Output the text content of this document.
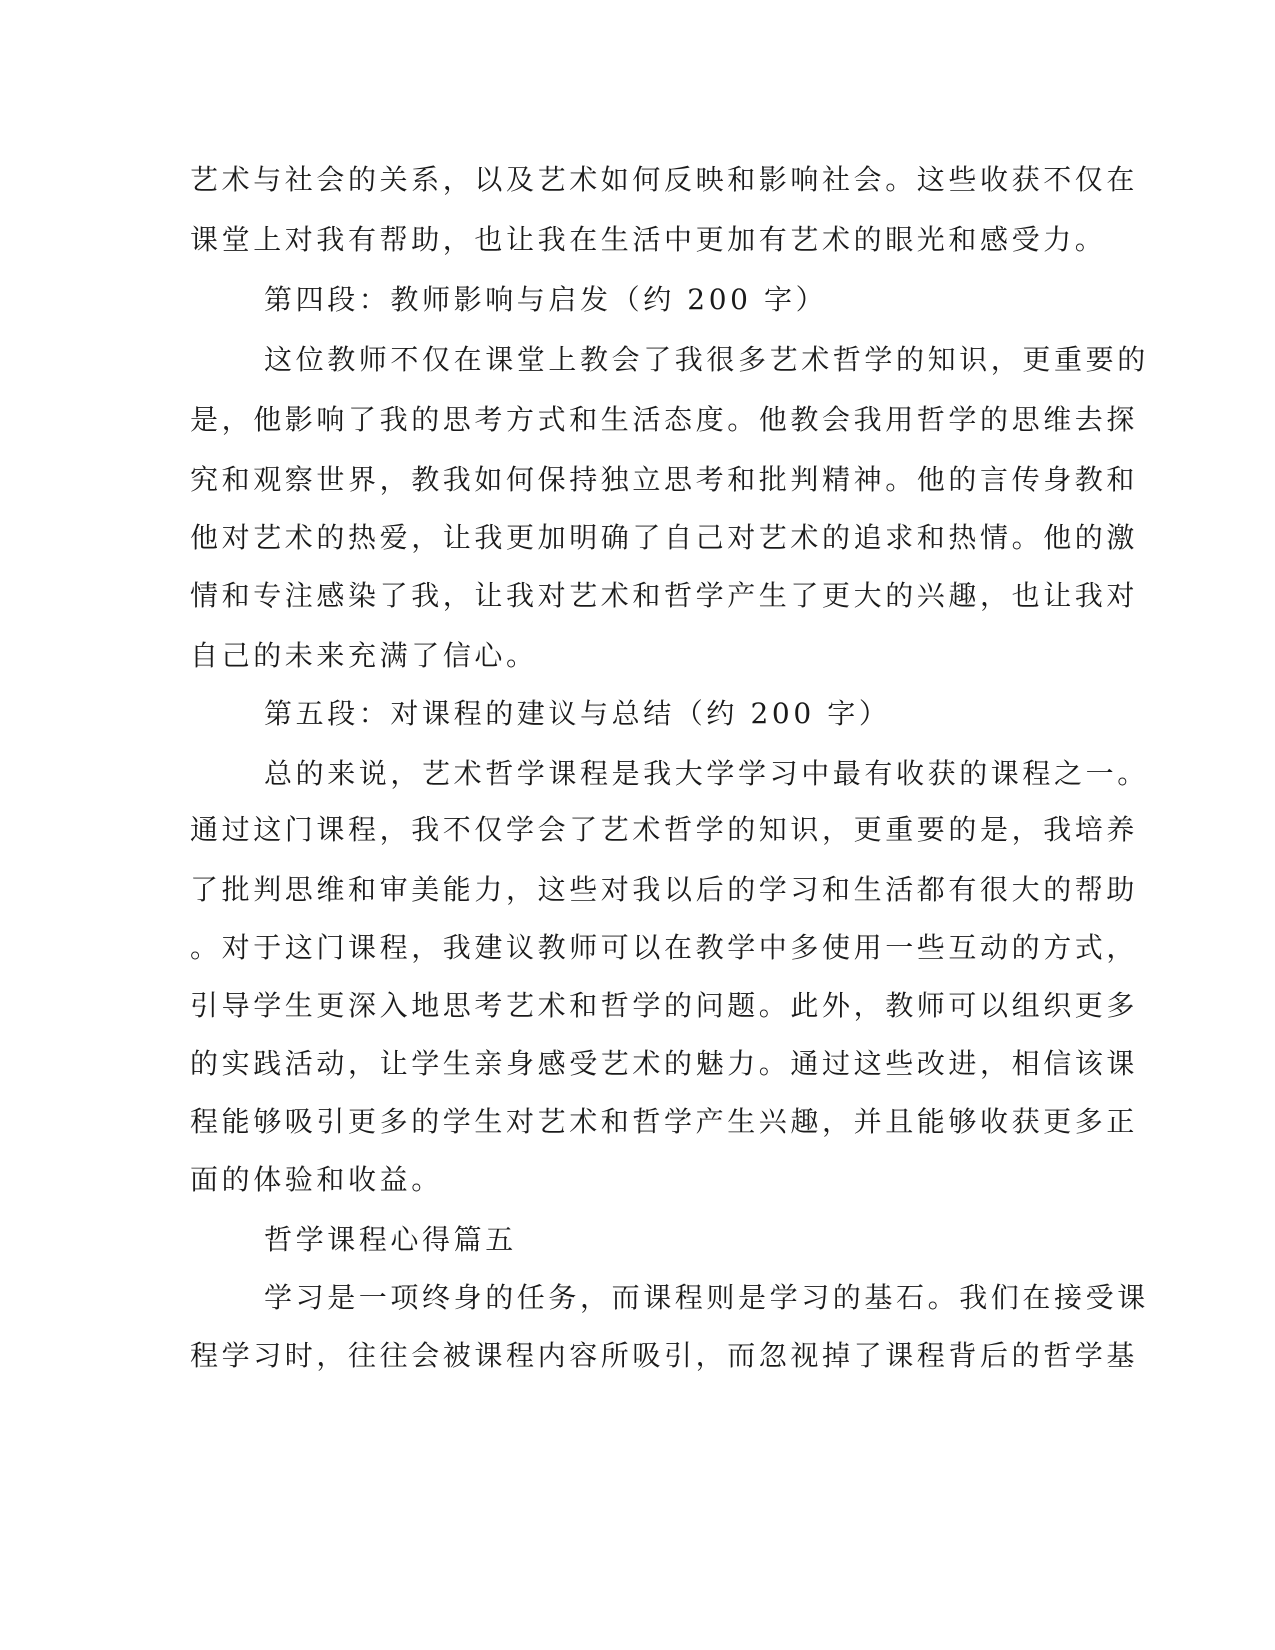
艺术与社会的关系，以及艺术如何反映和影响社会。这些收获不仅在
课堂上对我有帮助，也让我在生活中更加有艺术的眼光和感受力。
第四段：教师影响与启发（约 200 字）
这位教师不仅在课堂上教会了我很多艺术哲学的知识，更重要的
是，他影响了我的思考方式和生活态度。他教会我用哲学的思维去探
究和观察世界，教我如何保持独立思考和批判精神。他的言传身教和
他对艺术的热爱，让我更加明确了自己对艺术的追求和热情。他的激
情和专注感染了我，让我对艺术和哲学产生了更大的兴趣，也让我对
自己的未来充满了信心。
第五段：对课程的建议与总结（约 200 字）
总的来说，艺术哲学课程是我大学学习中最有收获的课程之一。
通过这门课程，我不仅学会了艺术哲学的知识，更重要的是，我培养
了批判思维和审美能力，这些对我以后的学习和生活都有很大的帮助
。对于这门课程，我建议教师可以在教学中多使用一些互动的方式，
引导学生更深入地思考艺术和哲学的问题。此外，教师可以组织更多
的实践活动，让学生亲身感受艺术的魅力。通过这些改进，相信该课
程能够吸引更多的学生对艺术和哲学产生兴趣，并且能够收获更多正
面的体验和收益。
哲学课程心得篇五
学习是一项终身的任务，而课程则是学习的基石。我们在接受课
程学习时，往往会被课程内容所吸引，而忽视掉了课程背后的哲学基
